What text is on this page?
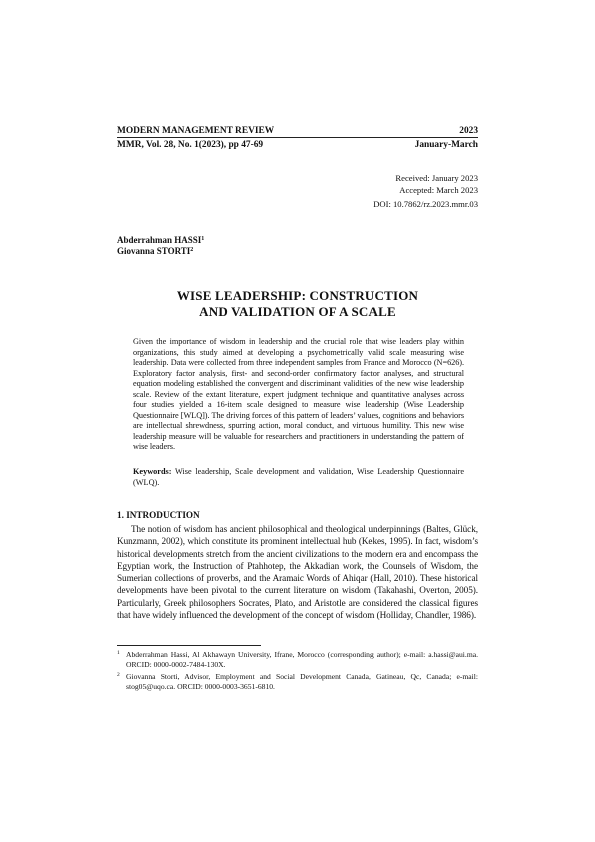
MODERN MANAGEMENT REVIEW	2023
MMR, Vol. 28, No. 1(2023), pp 47-69	January-March
Received: January 2023
Accepted: March 2023
DOI: 10.7862/rz.2023.mmr.03
Abderrahman HASSI$^1$
Giovanna STORTI$^2$
WISE LEADERSHIP: CONSTRUCTION
AND VALIDATION OF A SCALE
Given the importance of wisdom in leadership and the crucial role that wise leaders play within organizations, this study aimed at developing a psychometrically valid scale measuring wise leadership. Data were collected from three independent samples from France and Morocco (N=626). Exploratory factor analysis, first- and second-order confirmatory factor analyses, and structural equation modeling established the convergent and discriminant validities of the new wise leadership scale. Review of the extant literature, expert judgment technique and quantitative analyses across four studies yielded a 16-item scale designed to measure wise leadership (Wise Leadership Questionnaire [WLQ]). The driving forces of this pattern of leaders’ values, cognitions and behaviors are intellectual shrewdness, spurring action, moral conduct, and virtuous humility. This new wise leadership measure will be valuable for researchers and practitioners in understanding the pattern of wise leaders.
Keywords: Wise leadership, Scale development and validation, Wise Leadership Questionnaire (WLQ).
1. INTRODUCTION
The notion of wisdom has ancient philosophical and theological underpinnings (Baltes, Glück, Kunzmann, 2002), which constitute its prominent intellectual hub (Kekes, 1995). In fact, wisdom’s historical developments stretch from the ancient civilizations to the modern era and encompass the Egyptian work, the Instruction of Ptahhotep, the Akkadian work, the Counsels of Wisdom, the Sumerian collections of proverbs, and the Aramaic Words of Ahiqar (Hall, 2010). These historical developments have been pivotal to the current literature on wisdom (Takahashi, Overton, 2005). Particularly, Greek philosophers Socrates, Plato, and Aristotle are considered the classical figures that have widely influenced the development of the concept of wisdom (Holliday, Chandler, 1986).
1 Abderrahman Hassi, Al Akhawayn University, Ifrane, Morocco (corresponding author); e-mail: a.hassi@aui.ma. ORCID: 0000-0002-7484-130X.
2 Giovanna Storti, Advisor, Employment and Social Development Canada, Gatineau, Qc, Canada; e-mail: stog05@uqo.ca. ORCID: 0000-0003-3651-6810.
